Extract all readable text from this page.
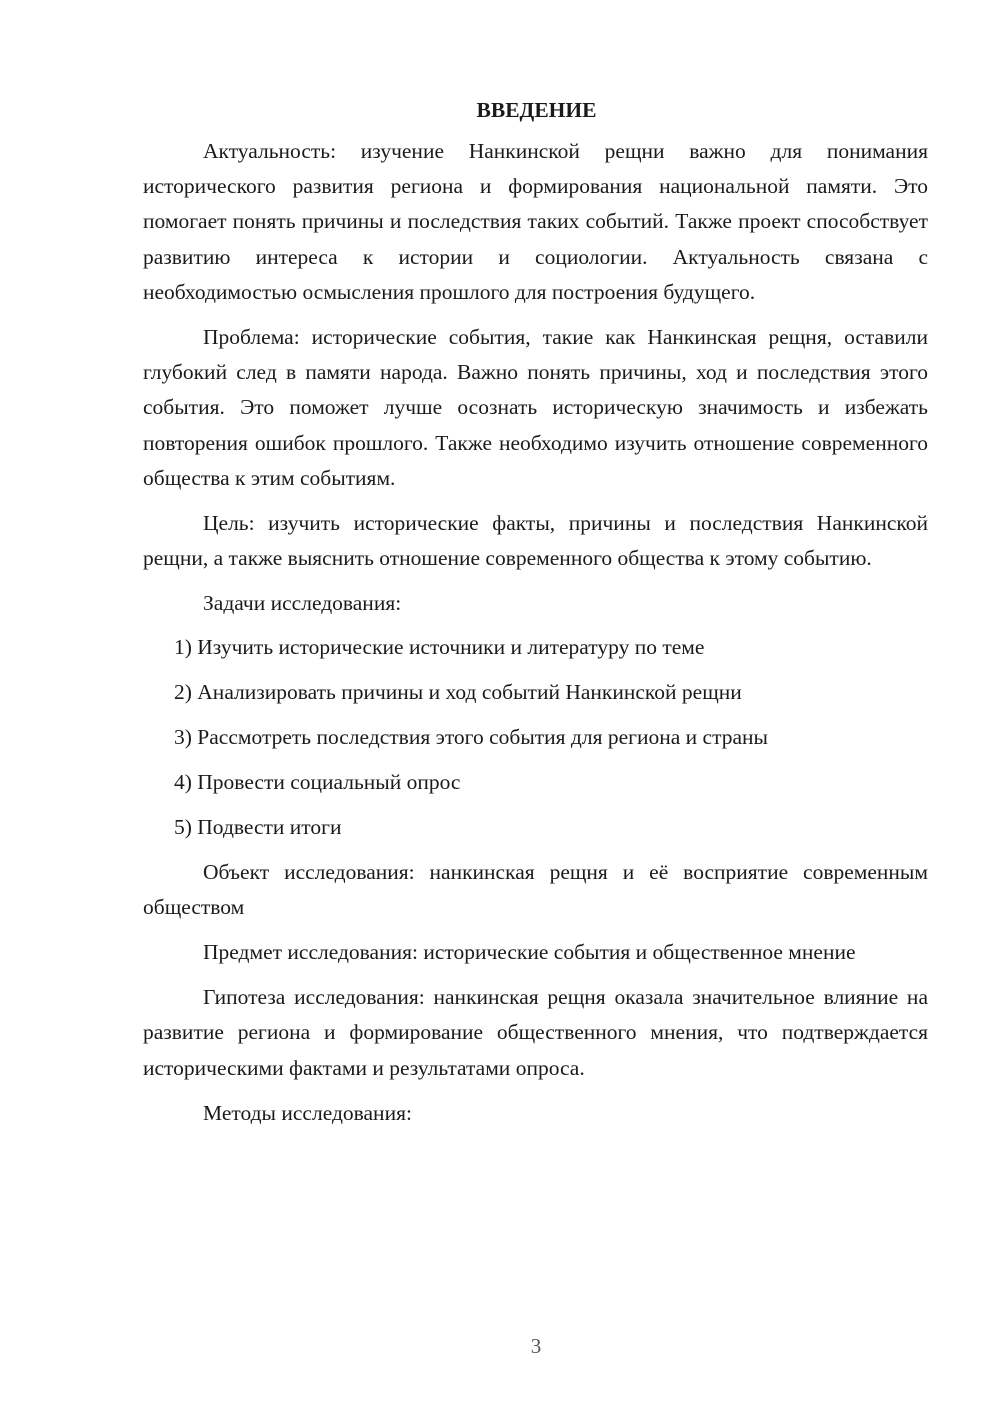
ВВЕДЕНИЕ

Актуальность: изучение Нанкинской рещни важно для понимания исторического развития региона и формирования национальной памяти. Это помогает понять причины и последствия таких событий. Также проект способствует развитию интереса к истории и социологии. Актуальность связана с необходимостью осмысления прошлого для построения будущего.

Проблема: исторические события, такие как Нанкинская рещня, оставили глубокий след в памяти народа. Важно понять причины, ход и последствия этого события. Это поможет лучше осознать историческую значимость и избежать повторения ошибок прошлого. Также необходимо изучить отношение современного общества к этим событиям.

Цель: изучить исторические факты, причины и последствия Нанкинской рещни, а также выяснить отношение современного общества к этому событию.

Задачи исследования:

1) Изучить исторические источники и литературу по теме
2) Анализировать причины и ход событий Нанкинской рещни
3) Рассмотреть последствия этого события для региона и страны
4) Провести социальный опрос
5) Подвести итоги

Объект исследования: нанкинская рещня и её восприятие современным обществом

Предмет исследования: исторические события и общественное мнение

Гипотеза исследования: нанкинская рещня оказала значительное влияние на развитие региона и формирование общественного мнения, что подтверждается историческими фактами и результатами опроса.

Методы исследования:

3
